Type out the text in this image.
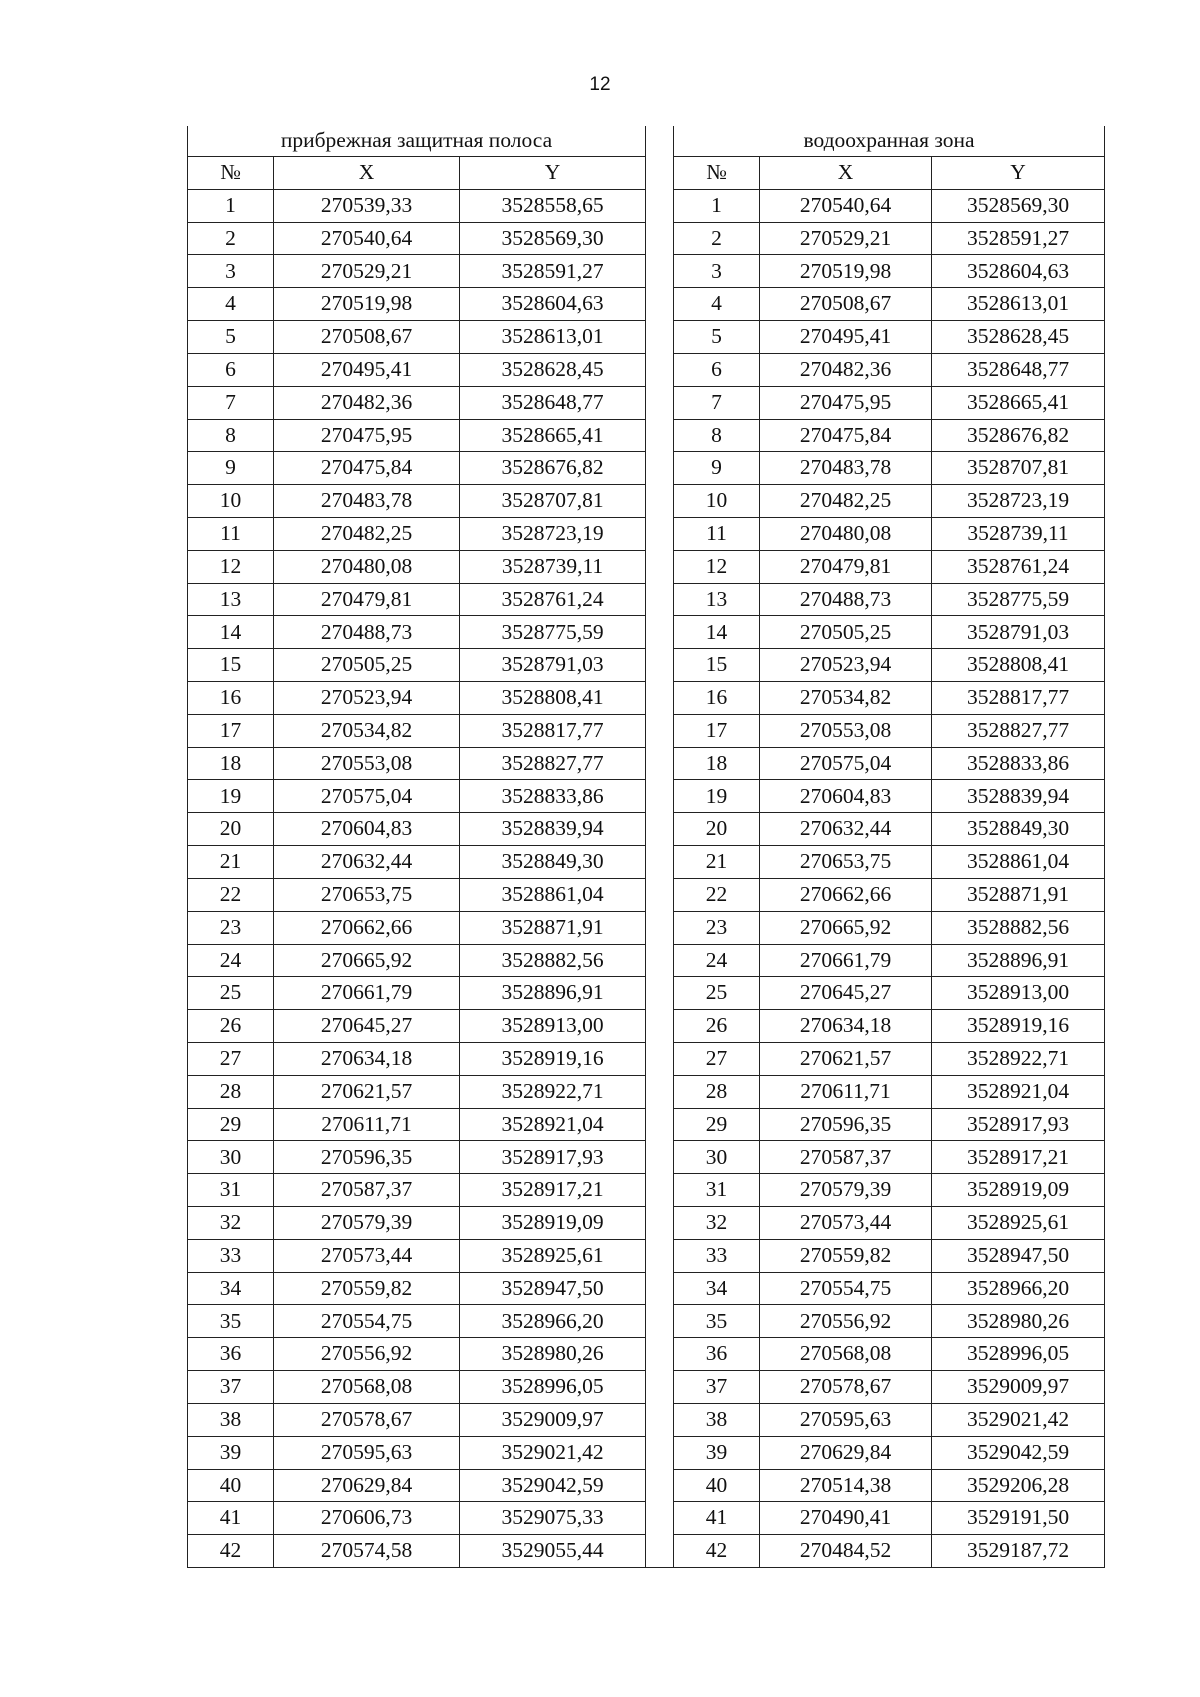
12
прибрежная защитная полоса				водоохранная зона		
№	X	Y		№	X	Y
1	270539,33	3528558,65		1	270540,64	3528569,30
2	270540,64	3528569,30		2	270529,21	3528591,27
3	270529,21	3528591,27		3	270519,98	3528604,63
4	270519,98	3528604,63		4	270508,67	3528613,01
5	270508,67	3528613,01		5	270495,41	3528628,45
6	270495,41	3528628,45		6	270482,36	3528648,77
7	270482,36	3528648,77		7	270475,95	3528665,41
8	270475,95	3528665,41		8	270475,84	3528676,82
9	270475,84	3528676,82		9	270483,78	3528707,81
10	270483,78	3528707,81		10	270482,25	3528723,19
11	270482,25	3528723,19		11	270480,08	3528739,11
12	270480,08	3528739,11		12	270479,81	3528761,24
13	270479,81	3528761,24		13	270488,73	3528775,59
14	270488,73	3528775,59		14	270505,25	3528791,03
15	270505,25	3528791,03		15	270523,94	3528808,41
16	270523,94	3528808,41		16	270534,82	3528817,77
17	270534,82	3528817,77		17	270553,08	3528827,77
18	270553,08	3528827,77		18	270575,04	3528833,86
19	270575,04	3528833,86		19	270604,83	3528839,94
20	270604,83	3528839,94		20	270632,44	3528849,30
21	270632,44	3528849,30		21	270653,75	3528861,04
22	270653,75	3528861,04		22	270662,66	3528871,91
23	270662,66	3528871,91		23	270665,92	3528882,56
24	270665,92	3528882,56		24	270661,79	3528896,91
25	270661,79	3528896,91		25	270645,27	3528913,00
26	270645,27	3528913,00		26	270634,18	3528919,16
27	270634,18	3528919,16		27	270621,57	3528922,71
28	270621,57	3528922,71		28	270611,71	3528921,04
29	270611,71	3528921,04		29	270596,35	3528917,93
30	270596,35	3528917,93		30	270587,37	3528917,21
31	270587,37	3528917,21		31	270579,39	3528919,09
32	270579,39	3528919,09		32	270573,44	3528925,61
33	270573,44	3528925,61		33	270559,82	3528947,50
34	270559,82	3528947,50		34	270554,75	3528966,20
35	270554,75	3528966,20		35	270556,92	3528980,26
36	270556,92	3528980,26		36	270568,08	3528996,05
37	270568,08	3528996,05		37	270578,67	3529009,97
38	270578,67	3529009,97		38	270595,63	3529021,42
39	270595,63	3529021,42		39	270629,84	3529042,59
40	270629,84	3529042,59		40	270514,38	3529206,28
41	270606,73	3529075,33		41	270490,41	3529191,50
42	270574,58	3529055,44		42	270484,52	3529187,72
